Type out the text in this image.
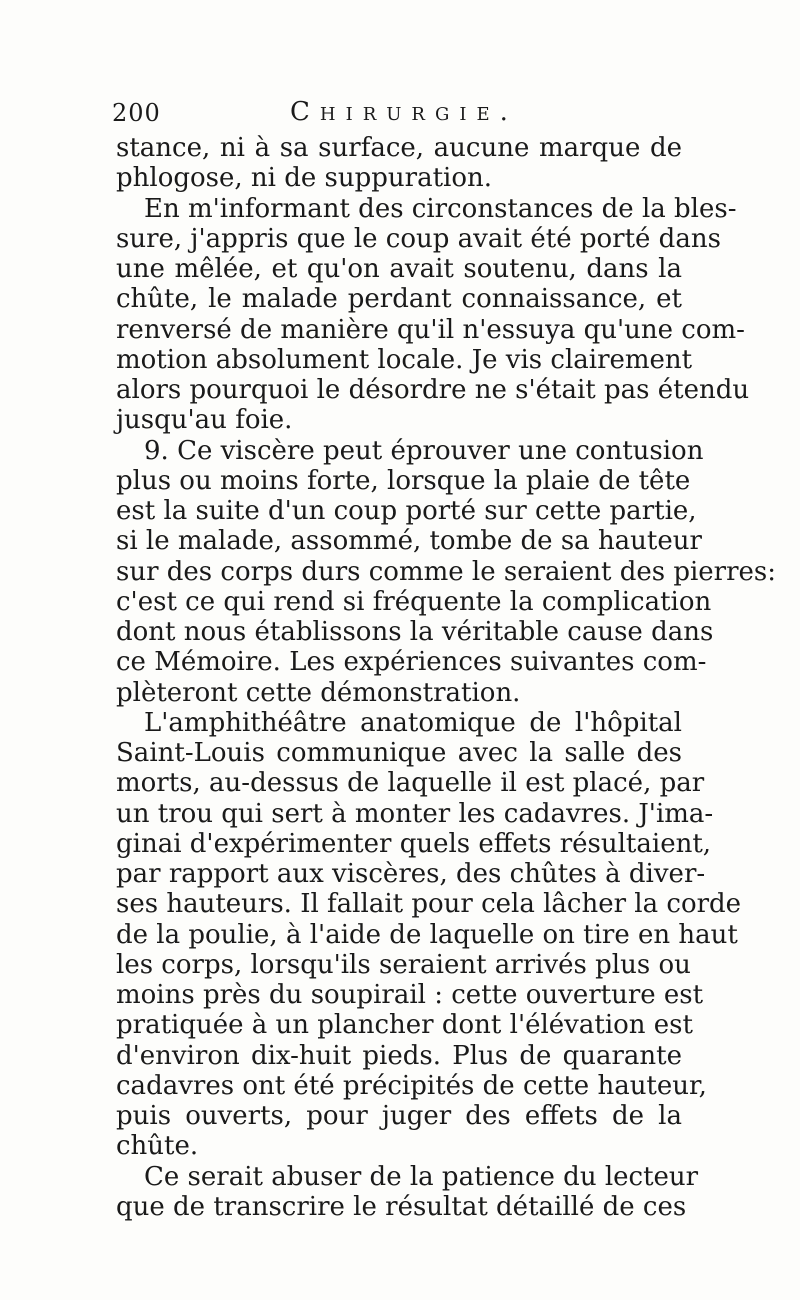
200	Chirurgie.
stance, ni à sa surface, aucune marque de
phlogose, ni de suppuration.
En m'informant des circonstances de la bles-
sure, j'appris que le coup avait été porté dans
une mêlée, et qu'on avait soutenu, dans la
chûte, le malade perdant connaissance, et
renversé de manière qu'il n'essuya qu'une com-
motion absolument locale. Je vis clairement
alors pourquoi le désordre ne s'était pas étendu
jusqu'au foie.
9. Ce viscère peut éprouver une contusion
plus ou moins forte, lorsque la plaie de tête
est la suite d'un coup porté sur cette partie,
si le malade, assommé, tombe de sa hauteur
sur des corps durs comme le seraient des pierres:
c'est ce qui rend si fréquente la complication
dont nous établissons la véritable cause dans
ce Mémoire. Les expériences suivantes com-
plèteront cette démonstration.
L'amphithéâtre anatomique de l'hôpital
Saint-Louis communique avec la salle des
morts, au-dessus de laquelle il est placé, par
un trou qui sert à monter les cadavres. J'ima-
ginai d'expérimenter quels effets résultaient,
par rapport aux viscères, des chûtes à diver-
ses hauteurs. Il fallait pour cela lâcher la corde
de la poulie, à l'aide de laquelle on tire en haut
les corps, lorsqu'ils seraient arrivés plus ou
moins près du soupirail : cette ouverture est
pratiquée à un plancher dont l'élévation est
d'environ dix-huit pieds. Plus de quarante
cadavres ont été précipités de cette hauteur,
puis ouverts, pour juger des effets de la
chûte.
Ce serait abuser de la patience du lecteur
que de transcrire le résultat détaillé de ces
